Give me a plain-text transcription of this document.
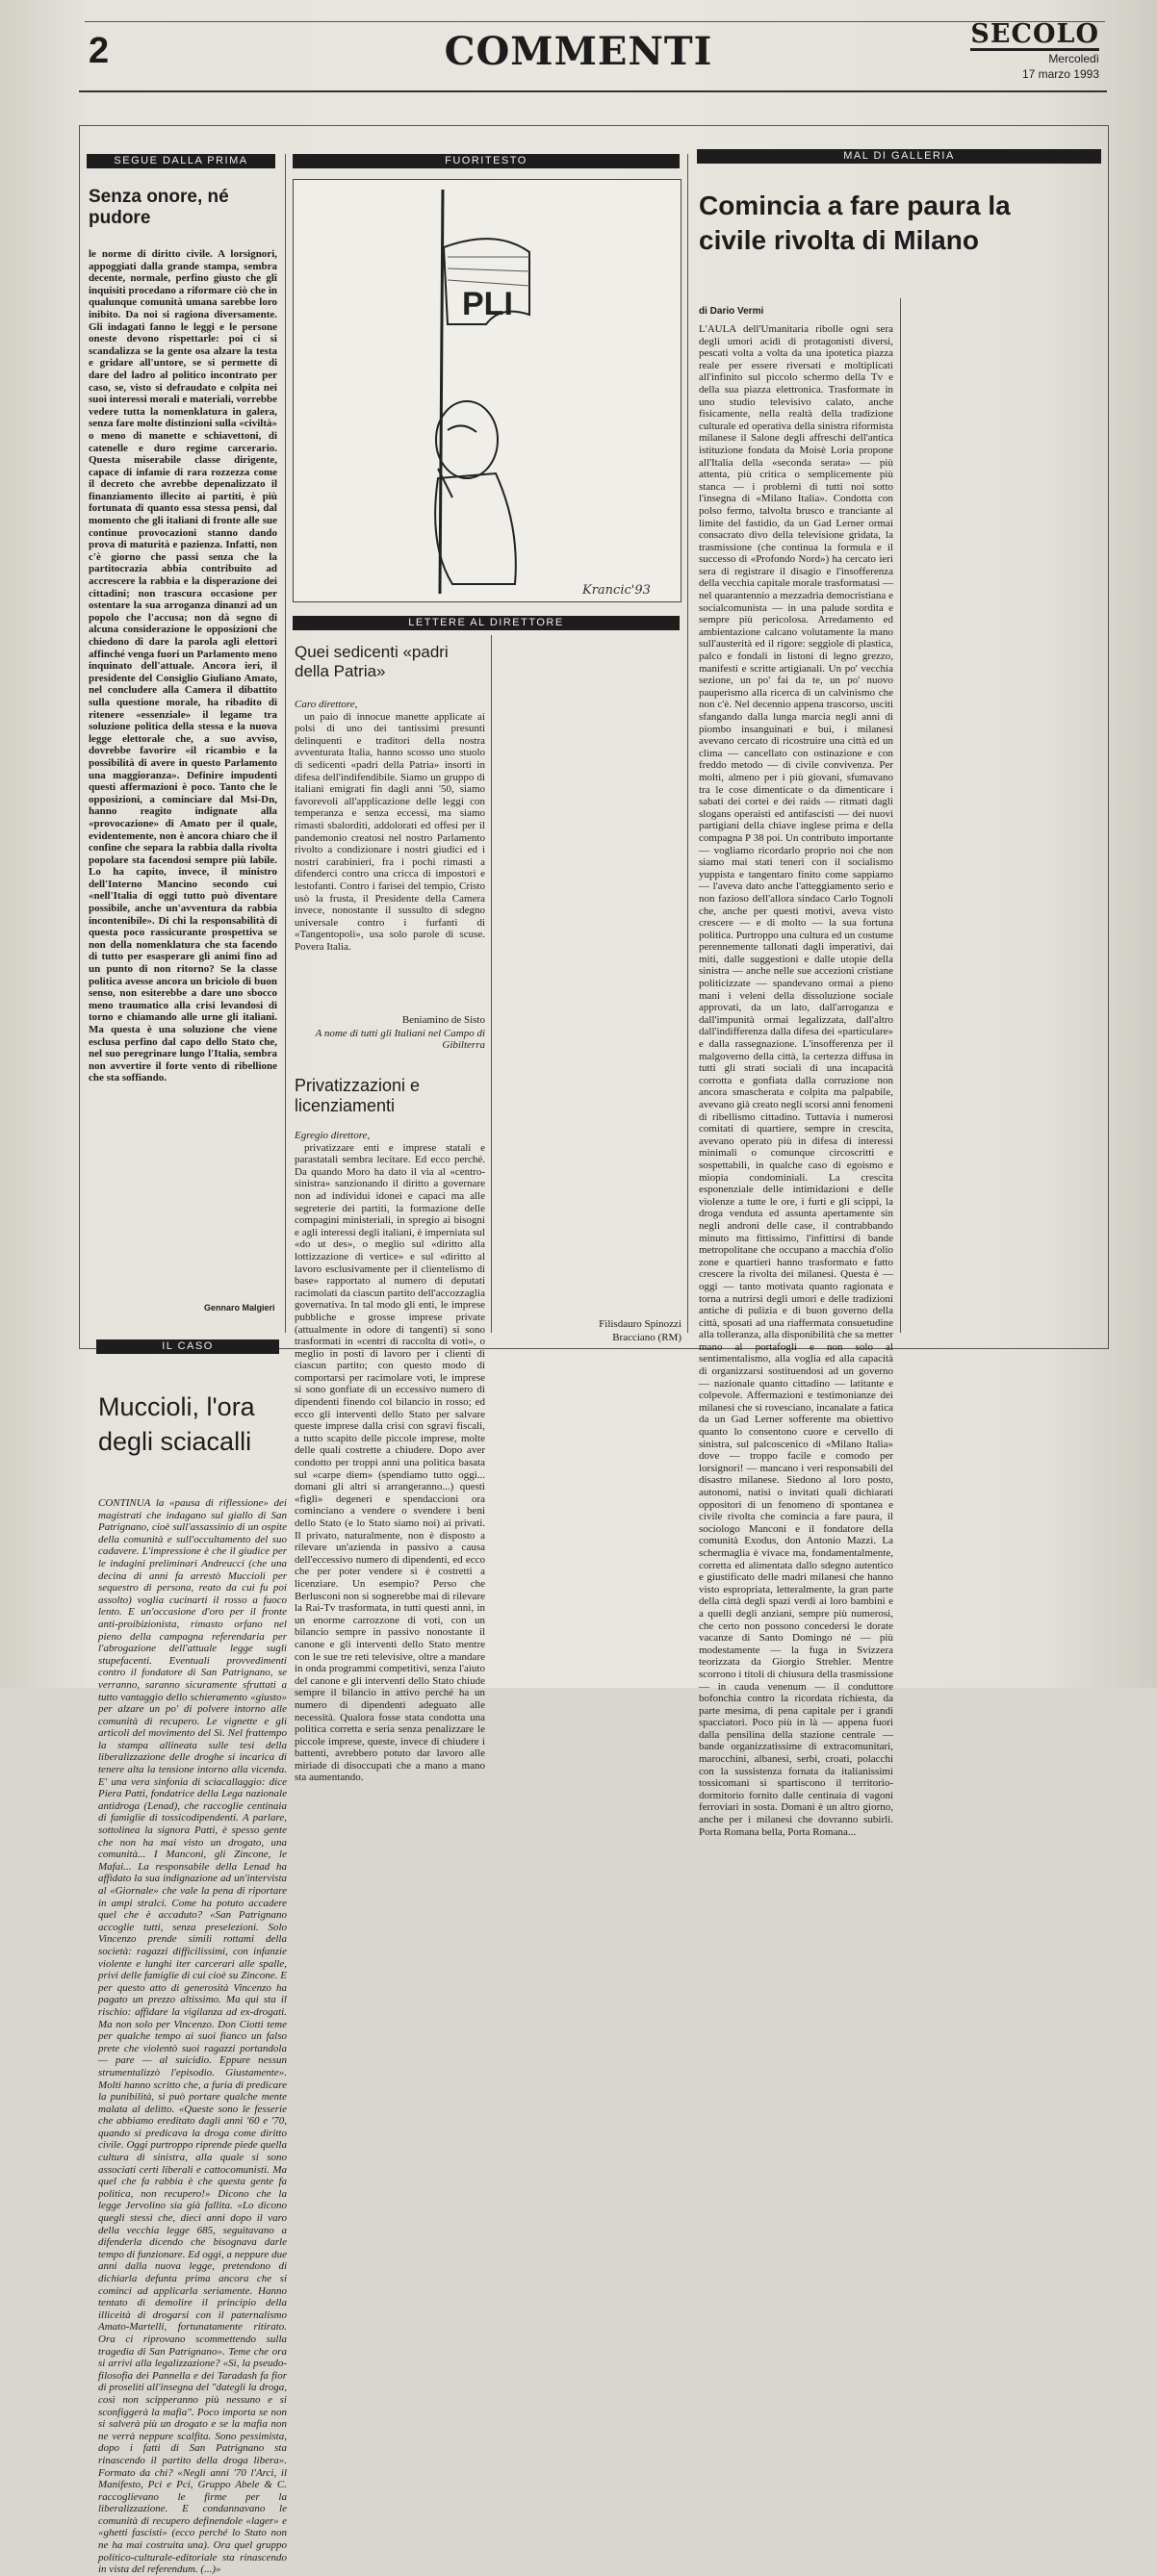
2	COMMENTI	SECOLO
Mercoledì
17 marzo 1993
SEGUE DALLA PRIMA
Senza onore, né pudore

le norme di diritto civile. A lorsignori, appoggiati dalla grande stampa, sembra decente, normale, perfino giusto che gli inquisiti procedano a riformare ciò che in qualunque comunità umana sarebbe loro inibito. Da noi si ragiona diversamente. Gli indagati fanno le leggi e le persone oneste devono rispettarle: poi ci si scandalizza se la gente osa alzare la testa e gridare all'untore, se si permette di dare del ladro al politico incontrato per caso, se, visto si defraudato e colpita nei suoi interessi morali e materiali, vorrebbe vedere tutta la nomenklatura in galera, senza fare molte distinzioni sulla «civiltà» o meno di manette e schiavettoni, di catenelle e duro regime carcerario. Questa miserabile classe dirigente, capace di infamie di rara rozzezza come il decreto che avrebbe depenalizzato il finanziamento illecito ai partiti, è più fortunata di quanto essa stessa pensi, dal momento che gli italiani di fronte alle sue continue provocazioni stanno dando prova di maturità e pazienza. Infatti, non c'è giorno che passi senza che la partitocrazia abbia contribuito ad accrescere la rabbia e la disperazione dei cittadini; non trascura occasione per ostentare la sua arroganza dinanzi ad un popolo che l'accusa; non dà segno di alcuna considerazione le opposizioni che chiedono di dare la parola agli elettori affinché venga fuori un Parlamento meno inquinato dell'attuale. Ancora ieri, il presidente del Consiglio Giuliano Amato, nel concludere alla Camera il dibattito sulla questione morale, ha ribadito di ritenere «essenziale» il legame tra soluzione politica della stessa e la nuova legge elettorale che, a suo avviso, dovrebbe favorire «il ricambio e la possibilità di avere in questo Parlamento una maggioranza». Definire impudenti questi affermazioni è poco. Tanto che le opposizioni, a cominciare dal Msi-Dn, hanno reagito indignate alla «provocazione» di Amato per il quale, evidentemente, non è ancora chiaro che il confine che separa la rabbia dalla rivolta popolare sta facendosi sempre più labile. Lo ha capito, invece, il ministro dell'Interno Mancino secondo cui «nell'Italia di oggi tutto può diventare possibile, anche un'avventura da rabbia incontenibile». Di chi la responsabilità di questa poco rassicurante prospettiva se non della nomenklatura che sta facendo di tutto per esasperare gli animi fino ad un punto di non ritorno? Se la classe politica avesse ancora un briciolo di buon senso, non esiterebbe a dare uno sbocco meno traumatico alla crisi levandosi di torno e chiamando alle urne gli italiani. Ma questa è una soluzione che viene esclusa perfino dal capo dello Stato che, nel suo peregrinare lungo l'Italia, sembra non avvertire il forte vento di ribellione che sta soffiando.

Gennaro Malgieri
FUORITESTO
PLI
Krancic'93
LETTERE AL DIRETTORE
Quei sedicenti «padri della Patria»

Caro direttore,

un paio di innocue manette applicate ai polsi di uno dei tantissimi presunti delinquenti e traditori della nostra avventurata Italia, hanno scosso uno stuolo di sedicenti «padri della Patria» insorti in difesa dell'indifendibile. Siamo un gruppo di italiani emigrati fin dagli anni '50, siamo favorevoli all'applicazione delle leggi con temperanza e senza eccessi, ma siamo rimasti sbalorditi, addolorati ed offesi per il pandemonio creatosi nel nostro Parlamento rivolto a condizionare i nostri giudici ed i nostri carabinieri, fra i pochi rimasti a difenderci contro una cricca di impostori e lestofanti. Contro i farisei del tempio, Cristo usò la frusta, il Presidente della Camera invece, nonostante il sussulto di sdegno universale contro i furfanti di «Tangentopoli», usa solo parole di scuse. Povera Italia.

Beniamino de Sisto
A nome di tutti gli Italiani nel Campo di Gibilterra
Privatizzazioni e licenziamenti

Egregio direttore,

privatizzare enti e imprese statali e parastatali sembra lecitare. Ed ecco perché. Da quando Moro ha dato il via al «centro-sinistra» sanzionando il diritto a governare non ad individui idonei e capaci ma alle segreterie dei partiti, la formazione delle compagini ministeriali, in spregio ai bisogni e agli interessi degli italiani, è imperniata sul «do ut des», o meglio sul «diritto alla lottizzazione di vertice» e sul «diritto al lavoro esclusivamente per il clientelismo di base» rapportato al numero di deputati racimolati da ciascun partito dell'accozzaglia governativa. In tal modo gli enti, le imprese pubbliche e grosse imprese private (attualmente in odore di tangenti) si sono trasformati in «centri di raccolta di voti», o meglio in posti di lavoro per i clienti di ciascun partito; con questo modo di comportarsi per racimolare voti, le imprese si sono gonfiate di un eccessivo numero di dipendenti finendo col bilancio in rosso; ed ecco gli interventi dello Stato per salvare queste imprese dalla crisi con sgravi fiscali, a tutto scapito delle piccole imprese, molte delle quali costrette a chiudere. Dopo aver condotto per troppi anni una politica basata sul «carpe diem» (spendiamo tutto oggi... domani gli altri si arrangeranno...) questi «figli» degeneri e spendaccioni ora cominciano a vendere o svendere i beni dello Stato (e lo Stato siamo noi) ai privati. Il privato, naturalmente, non è disposto a rilevare un'azienda in passivo a causa dell'eccessivo numero di dipendenti, ed ecco che per poter vendere si è costretti a licenziare. Un esempio? Perso che Berlusconi non si sognerebbe mai di rilevare la Rai-Tv trasformata, in tutti questi anni, in un enorme carrozzone di voti, con un bilancio sempre in passivo nonostante il canone e gli interventi dello Stato mentre con le sue tre reti televisive, oltre a mandare in onda programmi competitivi, senza l'aiuto del canone e gli interventi dello Stato chiude sempre il bilancio in attivo perché ha un numero di dipendenti adeguato alle necessità. Qualora fosse stata condotta una politica corretta e seria senza penalizzare le piccole imprese, queste, invece di chiudere i battenti, avrebbero potuto dar lavoro alle miriade di disoccupati che a mano a mano sta aumentando.

Filisdauro Spinozzi
Bracciano (RM)
MAL DI GALLERIA
Comincia a fare paura la civile rivolta di Milano
di Dario Vermi

L'AULA dell'Umanitaria ribolle ogni sera degli umori acidi di protagonisti diversi, pescati volta a volta da una ipotetica piazza reale per essere riversati e moltiplicati all'infinito sul piccolo schermo della Tv e della sua piazza elettronica. Trasformate in uno studio televisivo calato, anche fisicamente, nella realtà della tradizione culturale ed operativa della sinistra riformista milanese il Salone degli affreschi dell'antica istituzione fondata da Moisè Loria propone all'Italia della «seconda serata» — più attenta, più critica o semplicemente più stanca — i problemi di tutti noi sotto l'insegna di «Milano Italia». Condotta con polso fermo, talvolta brusco e tranciante al limite del fastidio, da un Gad Lerner ormai consacrato divo della televisione gridata, la trasmissione (che continua la formula e il successo di «Profondo Nord») ha cercato ieri sera di registrare il disagio e l'insofferenza della vecchia capitale morale trasformatasi — nel quarantennio a mezzadria democristiana e socialcomunista — in una palude sordita e sempre più pericolosa. Arredamento ed ambientazione calcano volutamente la mano sull'austerità ed il rigore: seggiole di plastica, palco e fondali in listoni di legno grezzo, manifesti e scritte artigianali. Un po' vecchia sezione, un po' fai da te, un po' nuovo pauperismo alla ricerca di un calvinismo che non c'è. Nel decennio appena trascorso, usciti sfangando dalla lunga marcia negli anni di piombo insanguinati e bui, i milanesi avevano cercato di ricostruire una città ed un clima — cancellato con ostinazione e con freddo metodo — di civile convivenza. Per molti, almeno per i più giovani, sfumavano tra le cose dimenticate o da dimenticare i sabati dei cortei e dei raids — ritmati dagli slogans operaisti ed antifascisti — dei nuovi partigiani della chiave inglese prima e della compagna P 38 poi. Un contributo importante — vogliamo ricordarlo proprio noi che non siamo mai stati teneri con il socialismo yuppista e tangentaro finito come sappiamo — l'aveva dato anche l'atteggiamento serio e non fazioso dell'allora sindaco Carlo Tognoli che, anche per questi motivi, aveva visto crescere — e di molto — la sua fortuna politica. Purtroppo una cultura ed un costume perennemente tallonati dagli imperativi, dai miti, dalle suggestioni e dalle utopie della sinistra — anche nelle sue accezioni cristiane politicizzate — spandevano ormai a pieno mani i veleni della dissoluzione sociale approvati, da un lato, dall'arroganza e dall'impunità ormai legalizzata, dall'altro dall'indifferenza dalla difesa dei «particulare» e dalla rassegnazione. L'insofferenza per il malgoverno della città, la certezza diffusa in tutti gli strati sociali di una incapacità corrotta e gonfiata dalla corruzione non ancora smascherata e colpita ma palpabile, avevano già creato negli scorsi anni fenomeni di ribellismo cittadino. Tuttavia i numerosi comitati di quartiere, sempre in crescita, avevano operato più in difesa di interessi minimali o comunque circoscritti e sospettabili, in qualche caso di egoismo e miopia condominiali. La crescita esponenziale delle intimidazioni e delle violenze a tutte le ore, i furti e gli scippi, la droga venduta ed assunta apertamente sin negli androni delle case, il contrabbando minuto ma fittissimo, l'infittirsi di bande metropolitane che occupano a macchia d'olio zone e quartieri hanno trasformato e fatto crescere la rivolta dei milanesi. Questa è — oggi — tanto motivata quanto ragionata e torna a nutrirsi degli umori e delle tradizioni antiche di pulizia e di buon governo della città, sposati ad una riaffermata consuetudine alla tolleranza, alla disponibilità che sa metter mano al portafogli e non solo al sentimentalismo, alla voglia ed alla capacità di organizzarsi sostituendosi ad un governo — nazionale quanto cittadino — latitante e colpevole. Affermazioni e testimonianze dei milanesi che si rovesciano, incanalate a fatica da un Gad Lerner sofferente ma obiettivo quanto lo consentono cuore e cervello di sinistra, sul palcoscenico di «Milano Italia» dove — troppo facile e comodo per lorsignori! — mancano i veri responsabili del disastro milanese. Siedono al loro posto, autonomi, natisi o invitati quali dichiarati oppositori di un fenomeno di spontanea e civile rivolta che comincia a fare paura, il sociologo Manconi e il fondatore della comunità Exodus, don Antonio Mazzi. La schermaglia è vivace ma, fondamentalmente, corretta ed alimentata dallo sdegno autentico e giustificato delle madri milanesi che hanno visto espropriata, letteralmente, la gran parte della città degli spazi verdi ai loro bambini e a quelli degli anziani, sempre più numerosi, che certo non possono concedersi le dorate vacanze di Santo Domingo né — più modestamente — la fuga in Svizzera teorizzata da Giorgio Strehler. Mentre scorrono i titoli di chiusura della trasmissione — in cauda venenum — il conduttore bofonchia contro la ricordata richiesta, da parte mesima, di pena capitale per i grandi spacciatori. Poco più in là — appena fuori dalla pensilina della stazione centrale — bande organizzatissime di extracomunitari, marocchini, albanesi, serbi, croati, polacchi con la sussistenza fornata da italianissimi tossicomani si spartiscono il territorio-dormitorio fornito dalle centinaia di vagoni ferroviari in sosta. Domani è un altro giorno, anche per i milanesi che dovranno subirli. Porta Romana bella, Porta Romana...

IL CASO
Muccioli, l'ora degli sciacalli

CONTINUA la «pausa di riflessione» dei magistrati che indagano sul giallo di San Patrignano, cioè sull'assassinio di un ospite della comunità e sull'occultamento del suo cadavere. L'impressione è che il giudice per le indagini preliminari Andreucci (che una decina di anni fa arrestò Muccioli per sequestro di persona, reato da cui fu poi assolto) voglia cucinarti il rosso a fuoco lento. E un'occasione d'oro per il fronte anti-proibizionista, rimasto orfano nel pieno della campagna referendaria per l'abrogazione dell'attuale legge sugli stupefacenti. Eventuali provvedimenti contro il fondatore di San Patrignano, se verranno, saranno sicuramente sfruttati a tutto vantaggio dello schieramento «giusto» per alzare un po' di polvere intorno alle comunità di recupero. Le vignette e gli articoli del movimento del Sì. Nel frattempo la stampa allineata sulle tesi della liberalizzazione delle droghe si incarica di tenere alta la tensione intorno alla vicenda. E' una vera sinfonia di sciacallaggio: dice Piera Patti, fondatrice della Lega nazionale antidroga (Lenad), che raccoglie centinaia di famiglie di tossicodipendenti. A parlare, sottolinea la signora Patti, è spesso gente che non ha mai visto un drogato, una comunità... I Manconi, gli Zincone, le Mafai... La responsabile della Lenad ha affidato la sua indignazione ad un'intervista al «Giornale» che vale la pena di riportare in ampi stralci. Come ha potuto accadere quel che è accaduto? «San Patrignano accoglie tutti, senza preselezioni. Solo Vincenzo prende simili rottami della società: ragazzi difficilissimi, con infanzie violente e lunghi iter carcerari alle spalle, privi delle famiglie di cui cioè su Zincone. E per questo atto di generosità Vincenzo ha pagato un prezzo altissimo. Ma qui sta il rischio: affidare la vigilanza ad ex-drogati. Ma non solo per Vincenzo. Don Ciotti teme per qualche tempo ai suoi fianco un falso prete che violentò suoi ragazzi portandola — pare — al suicidio. Eppure nessun strumentalizzò l'episodio. Giustamente». Molti hanno scritto che, a furia di predicare la punibilità, si può portare qualche mente malata al delitto. «Queste sono le fesserie che abbiamo ereditato dagli anni '60 e '70, quando si predicava la droga come diritto civile. Oggi purtroppo riprende piede quella cultura di sinistra, alla quale si sono associati certi liberali e cattocomunisti. Ma quel che fa rabbia è che questa gente fa politica, non recupero!» Dicono che la legge Jervolino sia già fallita. «Lo dicono quegli stessi che, dieci anni dopo il varo della vecchia legge 685, seguitavano a difenderla dicendo che bisognava darle tempo di funzionare. Ed oggi, a neppure due anni dalla nuova legge, pretendono di dichiarla defunta prima ancora che si cominci ad applicarla seriamente. Hanno tentato di demolire il principio della illiceità di drogarsi con il paternalismo Amato-Martelli, fortunatamente ritirato. Ora ci riprovano scommettendo sulla tragedia di San Patrignano». Teme che ora si arrivi alla legalizzazione? «Sì, la pseudo-filosofia dei Pannella e dei Taradash fa fior di proseliti all'insegna del "dategli la droga, così non scipperanno più nessuno e si sconfiggerà la mafia". Poco importa se non si salverà più un drogato e se la mafia non ne verrà neppure scalfita. Sono pessimista, dopo i fatti di San Patrignano sta rinascendo il partito della droga libera». Formato da chi? «Negli anni '70 l'Arci, il Manifesto, Pci e Pci, Gruppo Abele & C. raccoglievano le firme per la liberalizzazione. E condannavano le comunità di recupero definendole «lager» e «ghetti fascisti» (ecco perché lo Stato non ne ha mai costruita una). Ora quel gruppo politico-culturale-editoriale sta rinascendo in vista del referendum. (...)»
